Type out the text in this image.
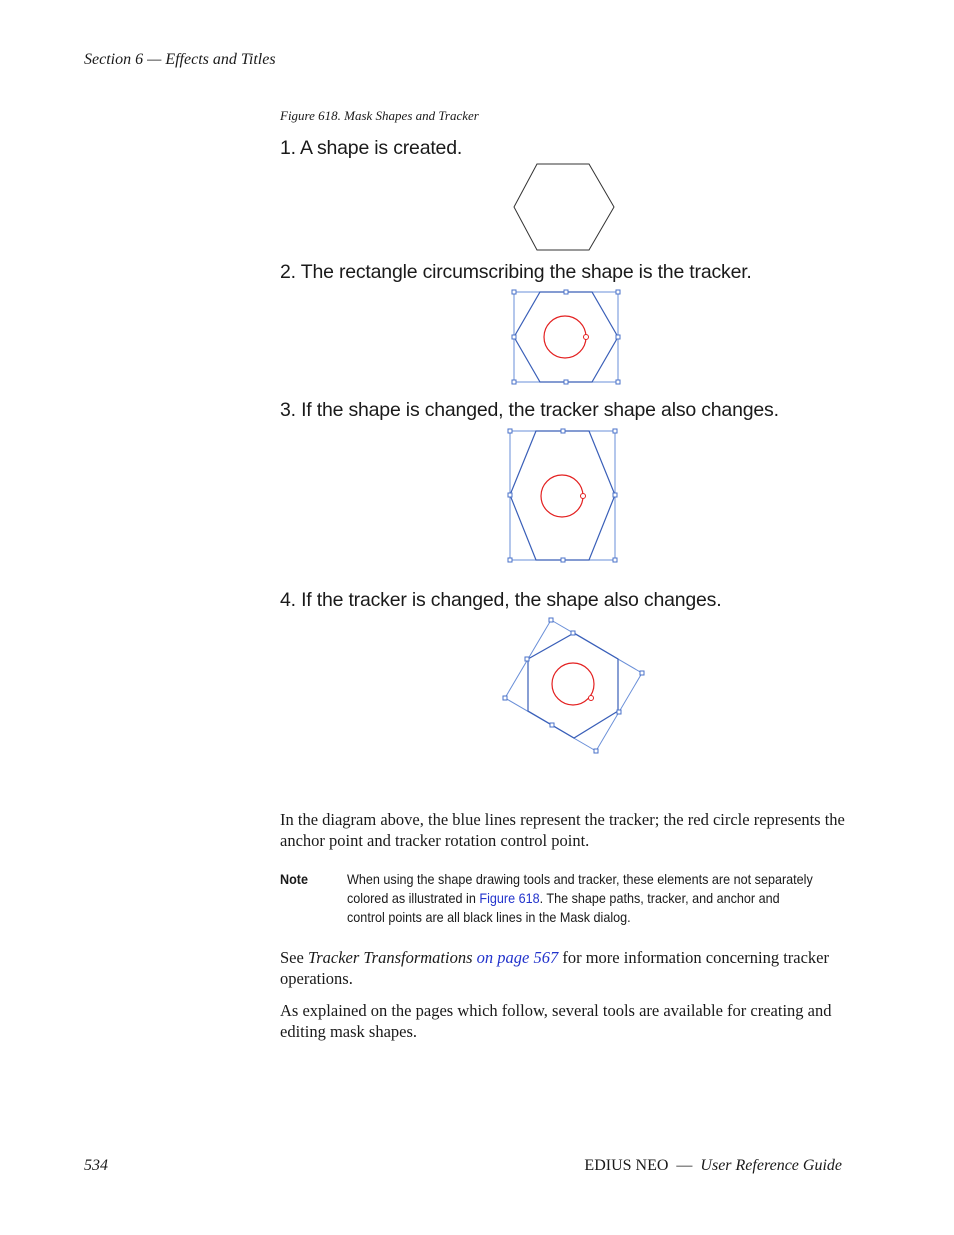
Section 6 — Effects and Titles
Figure 618. Mask Shapes and Tracker
1. A shape is created.
2. The rectangle circumscribing the shape is the tracker.
3. If the shape is changed, the tracker shape also changes.
4. If the tracker is changed, the shape also changes.
In the diagram above, the blue lines represent the tracker; the red circle represents the anchor point and tracker rotation control point.
Note	When using the shape drawing tools and tracker, these elements are not separately colored as illustrated in Figure 618. The shape paths, tracker, and anchor and control points are all black lines in the Mask dialog.
See Tracker Transformations on page 567 for more information concerning tracker operations.
As explained on the pages which follow, several tools are available for creating and editing mask shapes.
534	EDIUS NEO — User Reference Guide
